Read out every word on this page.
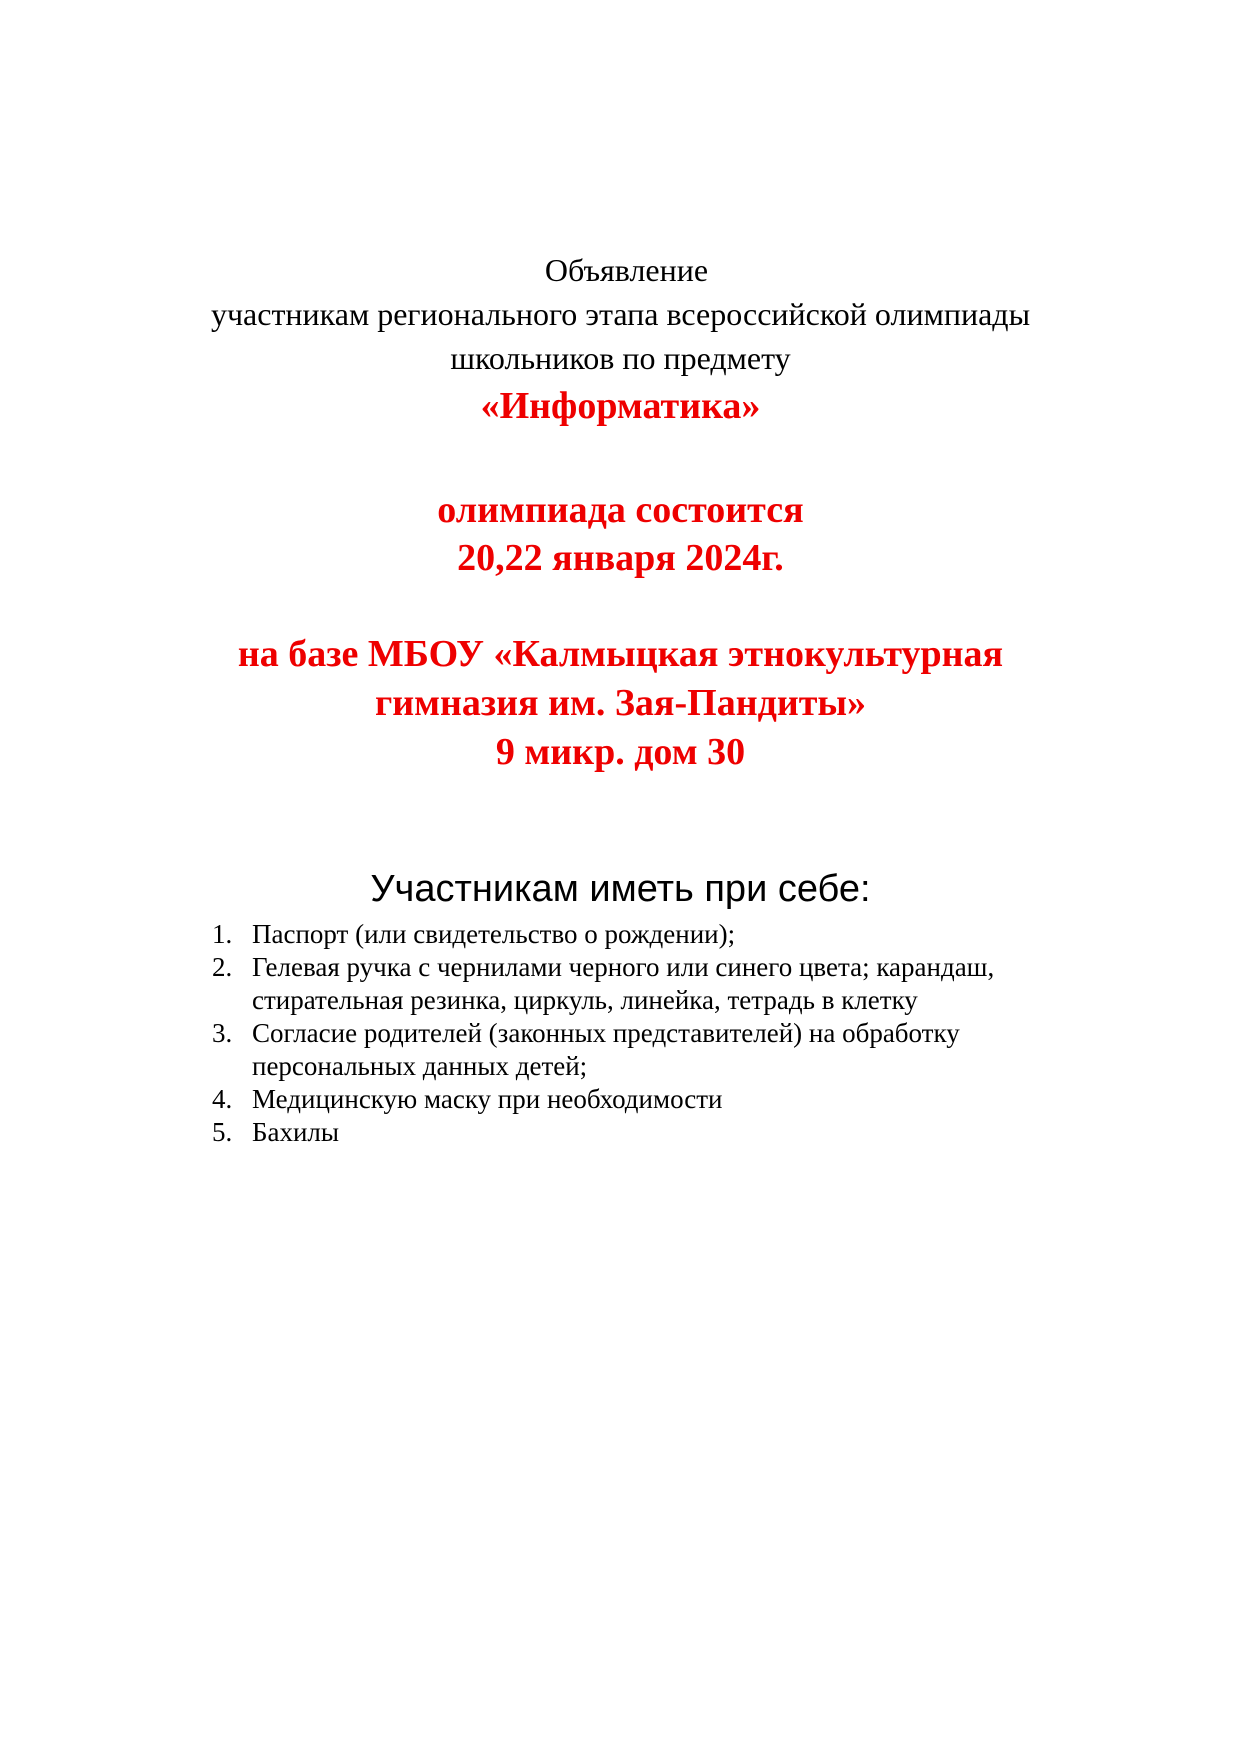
Объявление
участникам регионального этапа всероссийской олимпиады
школьников по предмету
«Информатика»
олимпиада состоится
20,22 января 2024г.
на базе МБОУ «Калмыцкая этнокультурная
гимназия им. Зая-Пандиты»
9 микр. дом 30
Участникам иметь при себе:
1. Паспорт (или свидетельство о рождении);
2. Гелевая ручка с чернилами черного или синего цвета; карандаш,
стирательная резинка, циркуль, линейка, тетрадь в клетку
3. Согласие родителей (законных представителей) на обработку
персональных данных детей;
4. Медицинскую маску при необходимости
5. Бахилы
